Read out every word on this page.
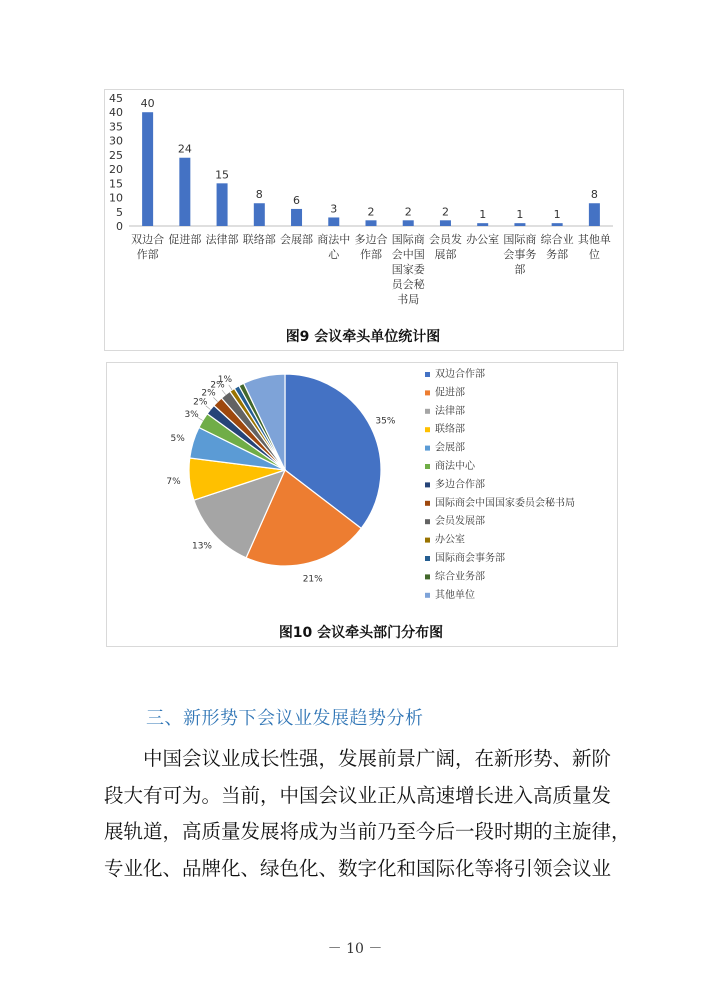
0
5
10
15
20
25
30
35
40
45 40
双边合
作部
24
促进部
15
法律部
8
联络部
6
会展部
3
商法中
心
2
多边合
作部
2
国际商
会中国
国家委
员会秘
书局
2
会员发
展部
1
办公室
1
国际商
会事务
部
1
综合业
务部
8
其他单
位
图9 会议牵头单位统计图
35%
21%
13%
7%
5%
3%
2%
2%
2%
1%
双边合作部
促进部
法律部
联络部
会展部
商法中心
多边合作部
国际商会中国国家委员会秘书局
会员发展部
办公室
国际商会事务部
综合业务部
其他单位
图10 会议牵头部门分布图
三、新形势下会议业发展趋势分析
　　中国会议业成长性强，发展前景广阔，在新形势、新阶
段大有可为。当前，中国会议业正从高速增长进入高质量发
展轨道，高质量发展将成为当前乃至今后一段时期的主旋律，
专业化、品牌化、绿色化、数字化和国际化等将引领会议业
－ 10 －
